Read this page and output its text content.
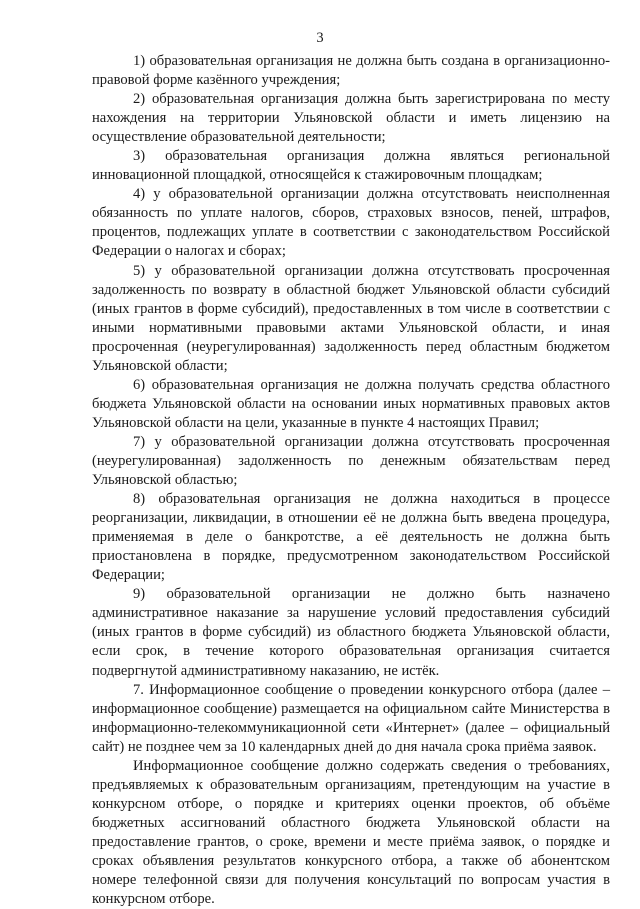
3

1) образовательная организация не должна быть создана в организационно-правовой форме казённого учреждения;

2) образовательная организация должна быть зарегистрирована по месту нахождения на территории Ульяновской области и иметь лицензию на осуществление образовательной деятельности;

3) образовательная организация должна являться региональной инновационной площадкой, относящейся к стажировочным площадкам;

4) у образовательной организации должна отсутствовать неисполненная обязанность по уплате налогов, сборов, страховых взносов, пеней, штрафов, процентов, подлежащих уплате в соответствии с законодательством Российской Федерации о налогах и сборах;

5) у образовательной организации должна отсутствовать просроченная задолженность по возврату в областной бюджет Ульяновской области субсидий (иных грантов в форме субсидий), предоставленных в том числе в соответствии с иными нормативными правовыми актами Ульяновской области, и иная просроченная (неурегулированная) задолженность перед областным бюджетом Ульяновской области;

6) образовательная организация не должна получать средства областного бюджета Ульяновской области на основании иных нормативных правовых актов Ульяновской области на цели, указанные в пункте 4 настоящих Правил;

7) у образовательной организации должна отсутствовать просроченная (неурегулированная) задолженность по денежным обязательствам перед Ульяновской областью;

8) образовательная организация не должна находиться в процессе реорганизации, ликвидации, в отношении её не должна быть введена процедура, применяемая в деле о банкротстве, а её деятельность не должна быть приостановлена в порядке, предусмотренном законодательством Российской Федерации;

9) образовательной организации не должно быть назначено административное наказание за нарушение условий предоставления субсидий (иных грантов в форме субсидий) из областного бюджета Ульяновской области, если срок, в течение которого образовательная организация считается подвергнутой административному наказанию, не истёк.

7. Информационное сообщение о проведении конкурсного отбора (далее – информационное сообщение) размещается на официальном сайте Министерства в информационно-телекоммуникационной сети «Интернет» (далее – официальный сайт) не позднее чем за 10 календарных дней до дня начала срока приёма заявок.

Информационное сообщение должно содержать сведения о требованиях, предъявляемых к образовательным организациям, претендующим на участие в конкурсном отборе, о порядке и критериях оценки проектов, об объёме бюджетных ассигнований областного бюджета Ульяновской области на предоставление грантов, о сроке, времени и месте приёма заявок, о порядке и сроках объявления результатов конкурсного отбора, а также об абонентском номере телефонной связи для получения консультаций по вопросам участия в конкурсном отборе.
